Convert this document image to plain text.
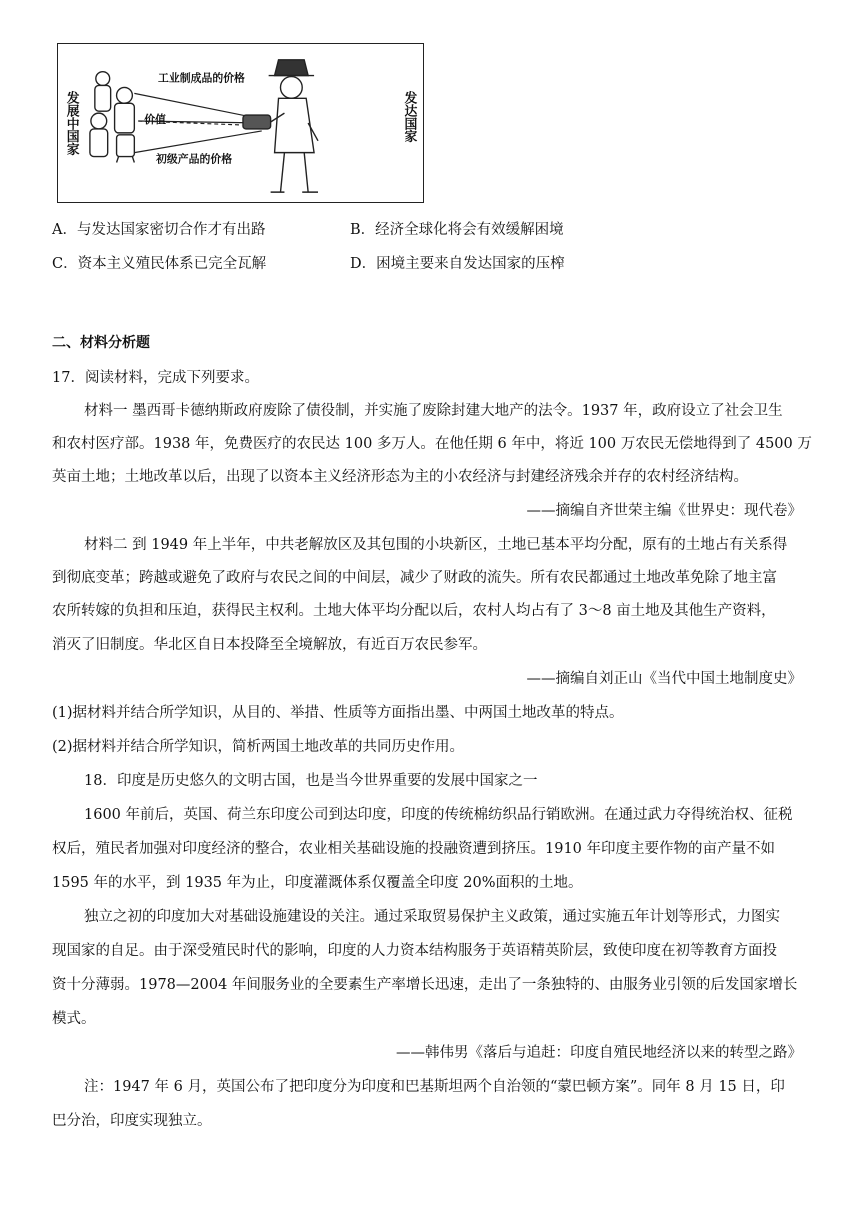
发展中国家	发达国家
工业制成品的价格
价值
初级产品的价格
A．与发达国家密切合作才有出路	B．经济全球化将会有效缓解困境
C．资本主义殖民体系已完全瓦解	D．困境主要来自发达国家的压榨
二、材料分析题
17．阅读材料，完成下列要求。
材料一 墨西哥卡德纳斯政府废除了债役制，并实施了废除封建大地产的法令。1937 年，政府设立了社会卫生
和农村医疗部。1938 年，免费医疗的农民达 100 多万人。在他任期 6 年中，将近 100 万农民无偿地得到了 4500 万
英亩土地；土地改革以后，出现了以资本主义经济形态为主的小农经济与封建经济残余并存的农村经济结构。
——摘编自齐世荣主编《世界史：现代卷》
材料二 到 1949 年上半年，中共老解放区及其包围的小块新区，土地已基本平均分配，原有的土地占有关系得
到彻底变革；跨越或避免了政府与农民之间的中间层，减少了财政的流失。所有农民都通过土地改革免除了地主富
农所转嫁的负担和压迫，获得民主权利。土地大体平均分配以后，农村人均占有了 3～8 亩土地及其他生产资料，
消灭了旧制度。华北区自日本投降至全境解放，有近百万农民参军。
——摘编自刘正山《当代中国土地制度史》
(1)据材料并结合所学知识，从目的、举措、性质等方面指出墨、中两国土地改革的特点。
(2)据材料并结合所学知识，简析两国土地改革的共同历史作用。
18．印度是历史悠久的文明古国，也是当今世界重要的发展中国家之一
1600 年前后，英国、荷兰东印度公司到达印度，印度的传统棉纺织品行销欧洲。在通过武力夺得统治权、征税
权后，殖民者加强对印度经济的整合，农业相关基础设施的投融资遭到挤压。1910 年印度主要作物的亩产量不如
1595 年的水平，到 1935 年为止，印度灌溉体系仅覆盖全印度 20%面积的土地。
独立之初的印度加大对基础设施建设的关注。通过采取贸易保护主义政策，通过实施五年计划等形式，力图实
现国家的自足。由于深受殖民时代的影响，印度的人力资本结构服务于英语精英阶层，致使印度在初等教育方面投
资十分薄弱。1978—2004 年间服务业的全要素生产率增长迅速，走出了一条独特的、由服务业引领的后发国家增长
模式。
——韩伟男《落后与追赶：印度自殖民地经济以来的转型之路》
注：1947 年 6 月，英国公布了把印度分为印度和巴基斯坦两个自治领的“蒙巴顿方案”。同年 8 月 15 日，印
巴分治，印度实现独立。
